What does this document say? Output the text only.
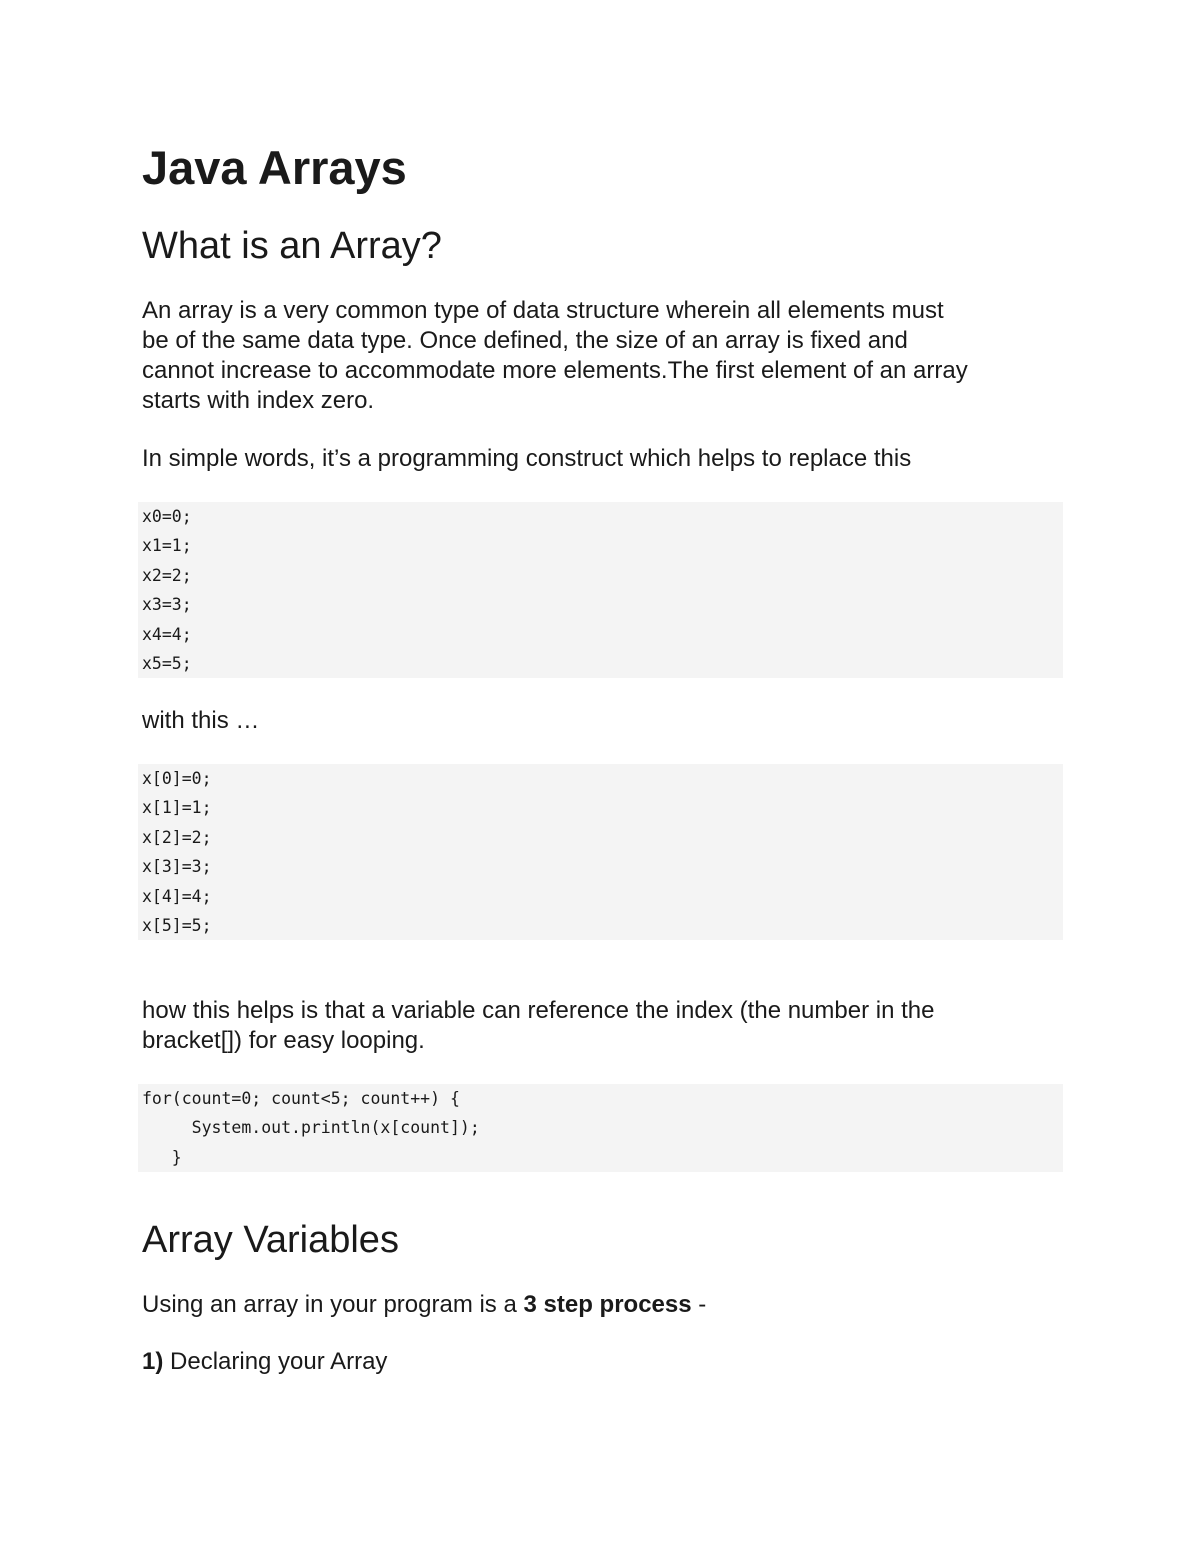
Java Arrays
What is an Array?

An array is a very common type of data structure wherein all elements must
be of the same data type. Once defined, the size of an array is fixed and
cannot increase to accommodate more elements.The first element of an array
starts with index zero.

In simple words, it’s a programming construct which helps to replace this

x0=0;
x1=1;
x2=2;
x3=3;
x4=4;
x5=5;

with this …

x[0]=0;
x[1]=1;
x[2]=2;
x[3]=3;
x[4]=4;
x[5]=5;

how this helps is that a variable can reference the index (the number in the
bracket[]) for easy looping.

for(count=0; count<5; count++) {
System.out.println(x[count]);
}
Array Variables

Using an array in your program is a 3 step process -

1) Declaring your Array
